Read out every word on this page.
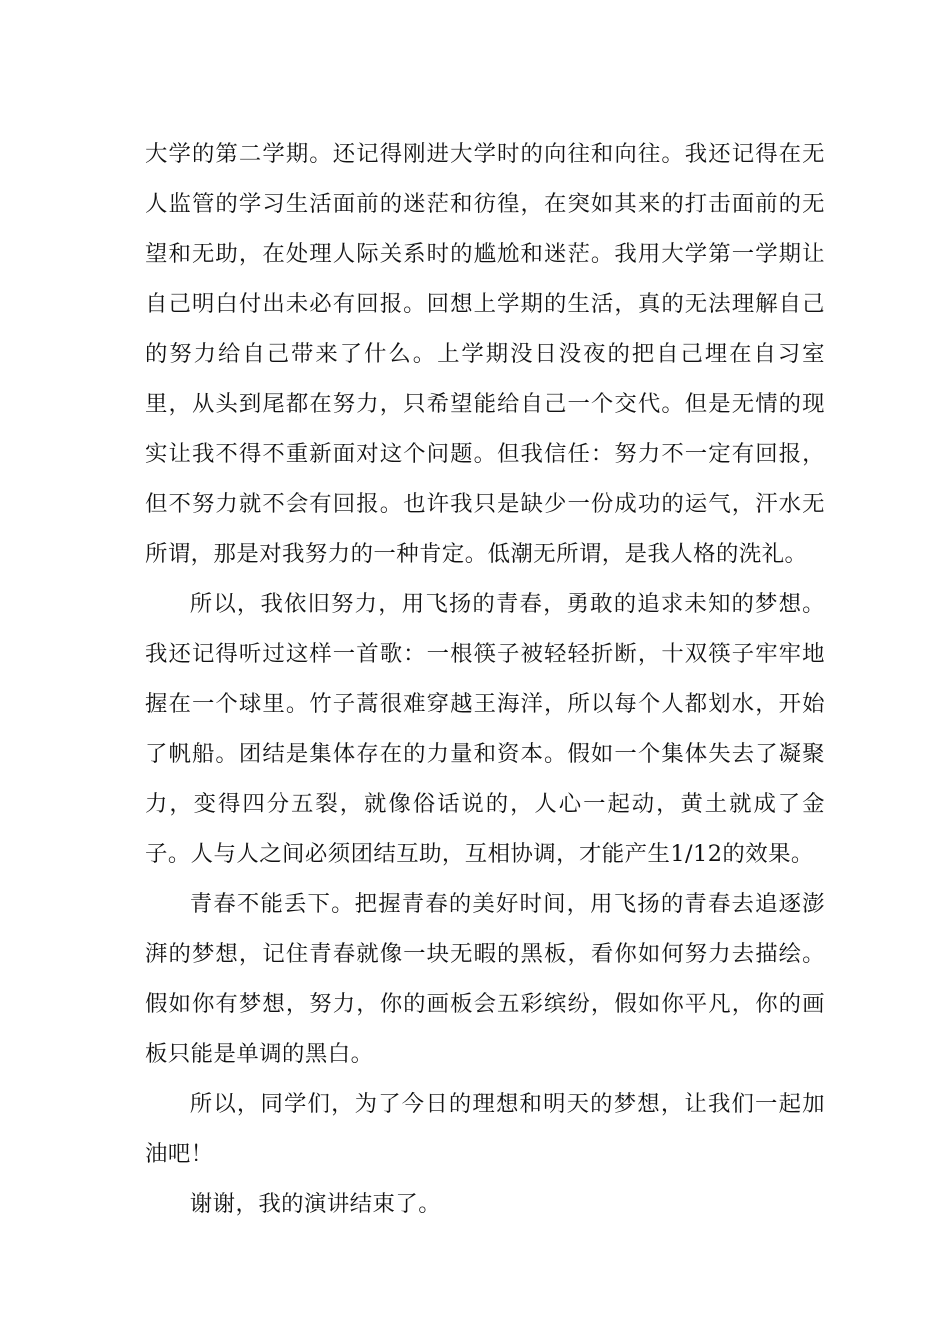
大学的第二学期。还记得刚进大学时的向往和向往。我还记得在无人监管的学习生活面前的迷茫和彷徨，在突如其来的打击面前的无望和无助，在处理人际关系时的尴尬和迷茫。我用大学第一学期让自己明白付出未必有回报。回想上学期的生活，真的无法理解自己的努力给自己带来了什么。上学期没日没夜的把自己埋在自习室里，从头到尾都在努力，只希望能给自己一个交代。但是无情的现实让我不得不重新面对这个问题。但我信任：努力不一定有回报，但不努力就不会有回报。也许我只是缺少一份成功的运气，汗水无所谓，那是对我努力的一种肯定。低潮无所谓，是我人格的洗礼。

所以，我依旧努力，用飞扬的青春，勇敢的追求未知的梦想。我还记得听过这样一首歌：一根筷子被轻轻折断，十双筷子牢牢地握在一个球里。竹子蒿很难穿越王海洋，所以每个人都划水，开始了帆船。团结是集体存在的力量和资本。假如一个集体失去了凝聚力，变得四分五裂，就像俗话说的，人心一起动，黄土就成了金子。人与人之间必须团结互助，互相协调，才能产生1/12的效果。

青春不能丢下。把握青春的美好时间，用飞扬的青春去追逐澎湃的梦想，记住青春就像一块无暇的黑板，看你如何努力去描绘。假如你有梦想，努力，你的画板会五彩缤纷，假如你平凡，你的画板只能是单调的黑白。

所以，同学们，为了今日的理想和明天的梦想，让我们一起加油吧！

谢谢，我的演讲结束了。
